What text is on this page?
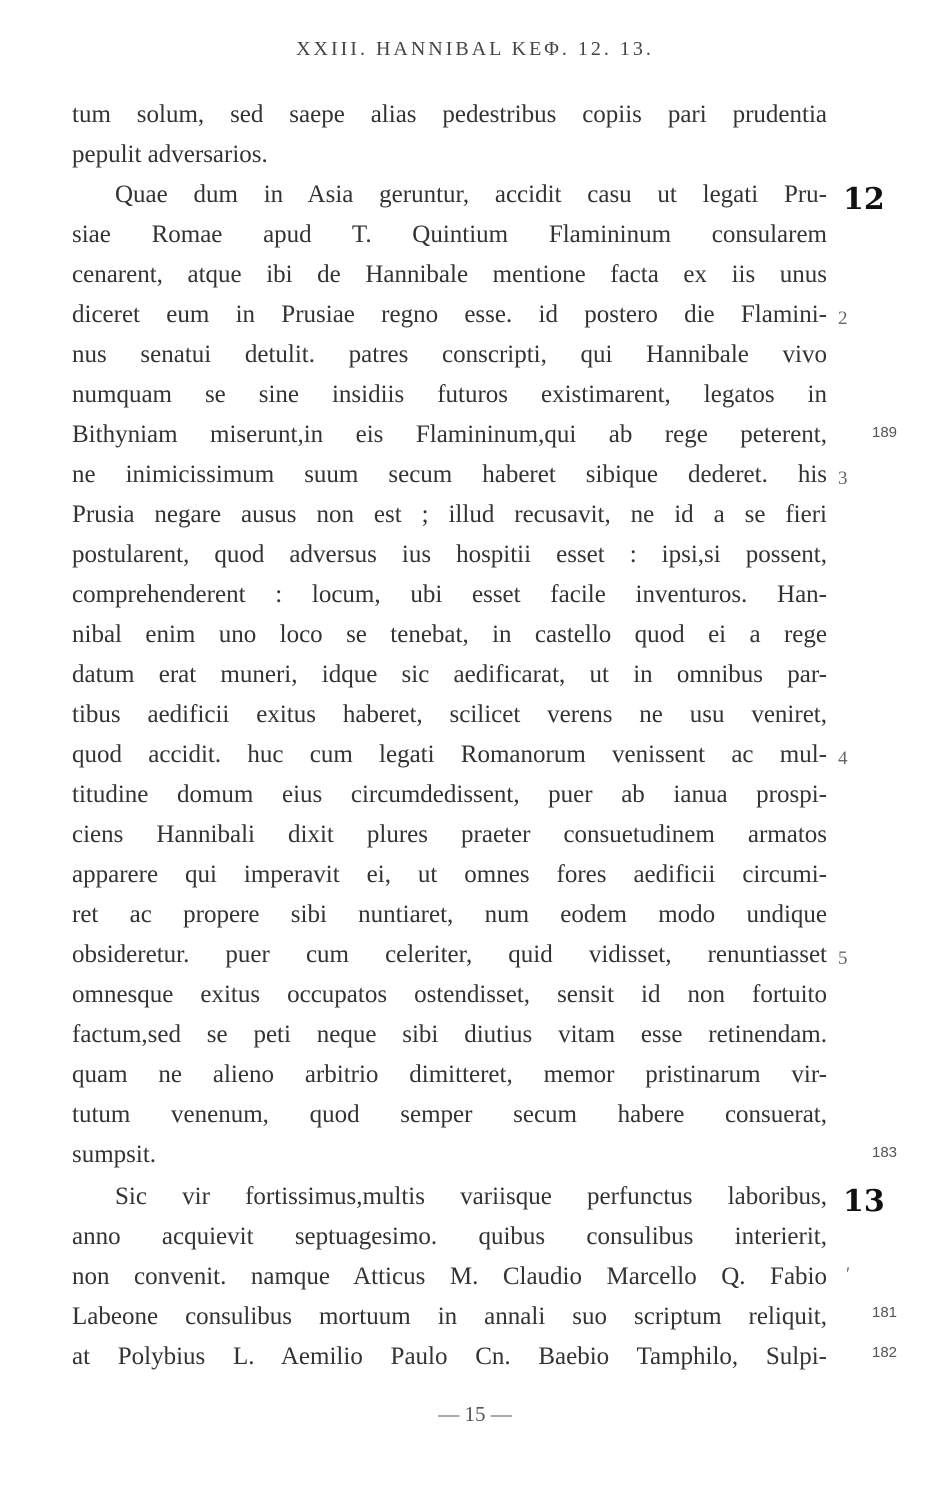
XXIII. HANNIBAL ΚΕΦ. 12. 13.
tum solum, sed saepe alias pedestribus copiis pari prudentia
pepulit adversarios.
Quae dum in Asia geruntur, accidit casu ut legati Pru-
siae Romae apud T. Quintium Flamininum consularem
cenarent, atque ibi de Hannibale mentione facta ex iis unus
diceret eum in Prusiae regno esse. id postero die Flamini-
nus senatui detulit. patres conscripti, qui Hannibale vivo
numquam se sine insidiis futuros existimarent, legatos in
Bithyniam miserunt,in eis Flamininum,qui ab rege peterent,
ne inimicissimum suum secum haberet sibique dederet. his
Prusia negare ausus non est ; illud recusavit, ne id a se fieri
postularent, quod adversus ius hospitii esset : ipsi,si possent,
comprehenderent : locum, ubi esset facile inventuros. Han-
nibal enim uno loco se tenebat, in castello quod ei a rege
datum erat muneri, idque sic aedificarat, ut in omnibus par-
tibus aedificii exitus haberet, scilicet verens ne usu veniret,
quod accidit. huc cum legati Romanorum venissent ac mul-
titudine domum eius circumdedissent, puer ab ianua prospi-
ciens Hannibali dixit plures praeter consuetudinem armatos
apparere qui imperavit ei, ut omnes fores aedificii circumi-
ret ac propere sibi nuntiaret, num eodem modo undique
obsideretur. puer cum celeriter, quid vidisset, renuntiasset
omnesque exitus occupatos ostendisset, sensit id non fortuito
factum,sed se peti neque sibi diutius vitam esse retinendam.
quam ne alieno arbitrio dimitteret, memor pristinarum vir-
tutum venenum, quod semper secum habere consuerat,
sumpsit.
Sic vir fortissimus,multis variisque perfunctus laboribus,
anno acquievit septuagesimo. quibus consulibus interierit,
non convenit. namque Atticus M. Claudio Marcello Q. Fabio
Labeone consulibus mortuum in annali suo scriptum reliquit,
at Polybius L. Aemilio Paulo Cn. Baebio Tamphilo, Sulpi-
12
2
189
3
4
5
183
13
′
181
182
— 15 —
